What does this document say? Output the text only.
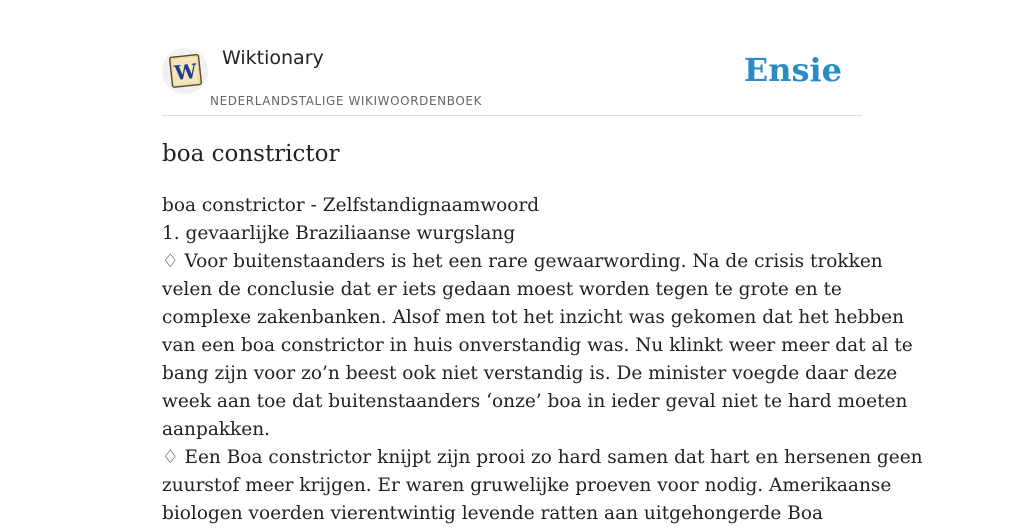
W
Wiktionary
NEDERLANDSTALIGE WIKIWOORDENBOEK
Ensie
boa constrictor
boa constrictor - Zelfstandignaamwoord
1. gevaarlijke Braziliaanse wurgslang
♢ Voor buitenstaanders is het een rare gewaarwording. Na de crisis trokken
velen de conclusie dat er iets gedaan moest worden tegen te grote en te
complexe zakenbanken. Alsof men tot het inzicht was gekomen dat het hebben
van een boa constrictor in huis onverstandig was. Nu klinkt weer meer dat al te
bang zijn voor zo’n beest ook niet verstandig is. De minister voegde daar deze
week aan toe dat buitenstaanders ‘onze’ boa in ieder geval niet te hard moeten
aanpakken.
♢ Een Boa constrictor knijpt zijn prooi zo hard samen dat hart en hersenen geen
zuurstof meer krijgen. Er waren gruwelijke proeven voor nodig. Amerikaanse
biologen voerden vierentwintig levende ratten aan uitgehongerde Boa
